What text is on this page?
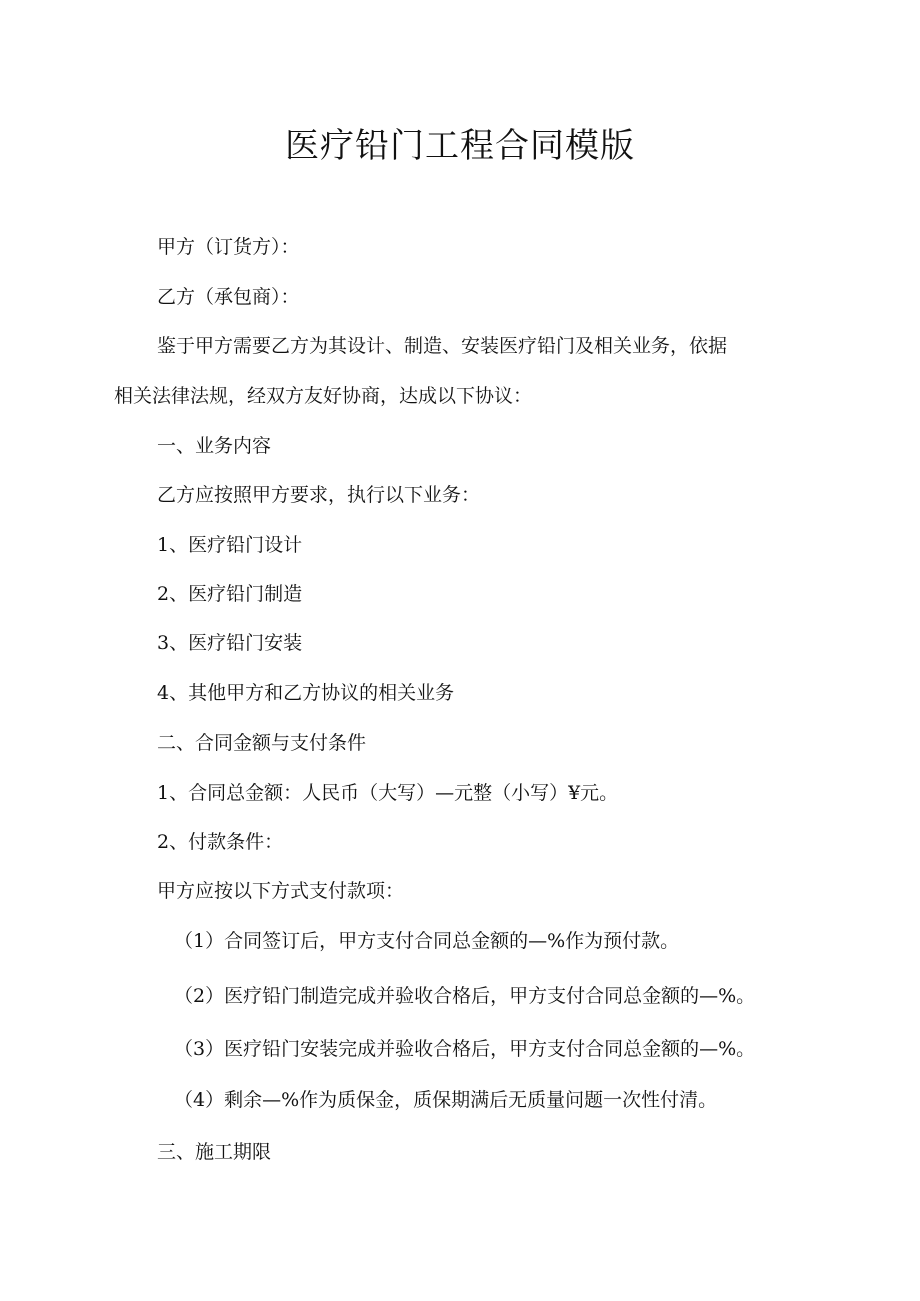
医疗铅门工程合同模版
甲方（订货方）：
乙方（承包商）：
鉴于甲方需要乙方为其设计、制造、安装医疗铅门及相关业务，依据
相关法律法规，经双方友好协商，达成以下协议：
一、业务内容
乙方应按照甲方要求，执行以下业务：
1、医疗铅门设计
2、医疗铅门制造
3、医疗铅门安装
4、其他甲方和乙方协议的相关业务
二、合同金额与支付条件
1、合同总金额：人民币（大写）—元整（小写）¥元。
2、付款条件：
甲方应按以下方式支付款项：
（1）合同签订后，甲方支付合同总金额的—%作为预付款。
（2）医疗铅门制造完成并验收合格后，甲方支付合同总金额的—%。
（3）医疗铅门安装完成并验收合格后，甲方支付合同总金额的—%。
（4）剩余—%作为质保金，质保期满后无质量问题一次性付清。
三、施工期限
